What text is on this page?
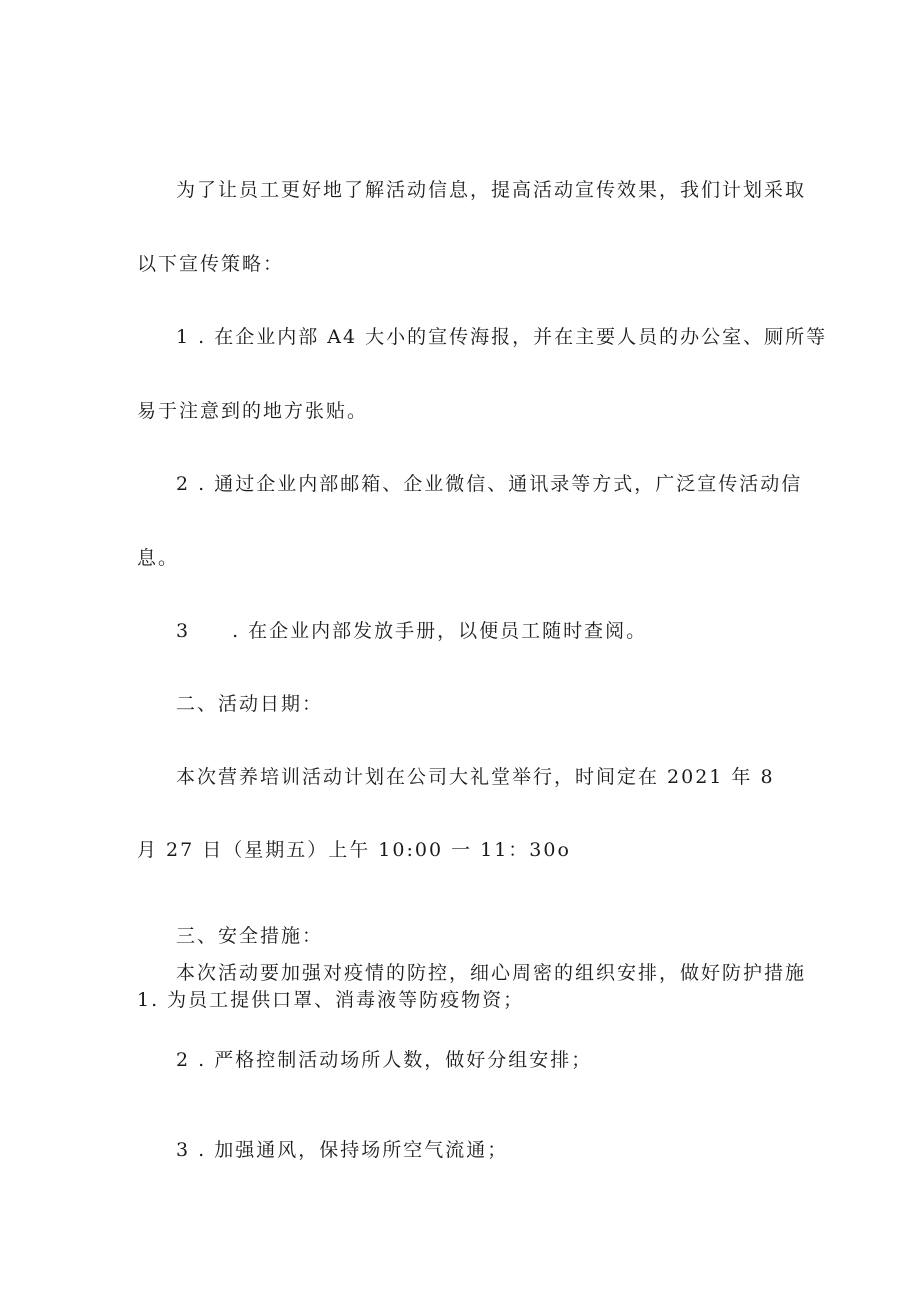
为了让员工更好地了解活动信息，提高活动宣传效果，我们计划采取
以下宣传策略：
1 . 在企业内部 A4 大小的宣传海报，并在主要人员的办公室、厕所等
易于注意到的地方张贴。
2 . 通过企业内部邮箱、企业微信、通讯录等方式，广泛宣传活动信
息。
3　　. 在企业内部发放手册，以便员工随时查阅。
二、活动日期：
本次营养培训活动计划在公司大礼堂举行，时间定在 2021 年 8
月 27 日（星期五）上午 10:00 一 11：30o
三、安全措施：
本次活动要加强对疫情的防控，细心周密的组织安排，做好防护措施
1. 为员工提供口罩、消毒液等防疫物资；
2 . 严格控制活动场所人数，做好分组安排；
3 . 加强通风，保持场所空气流通；
